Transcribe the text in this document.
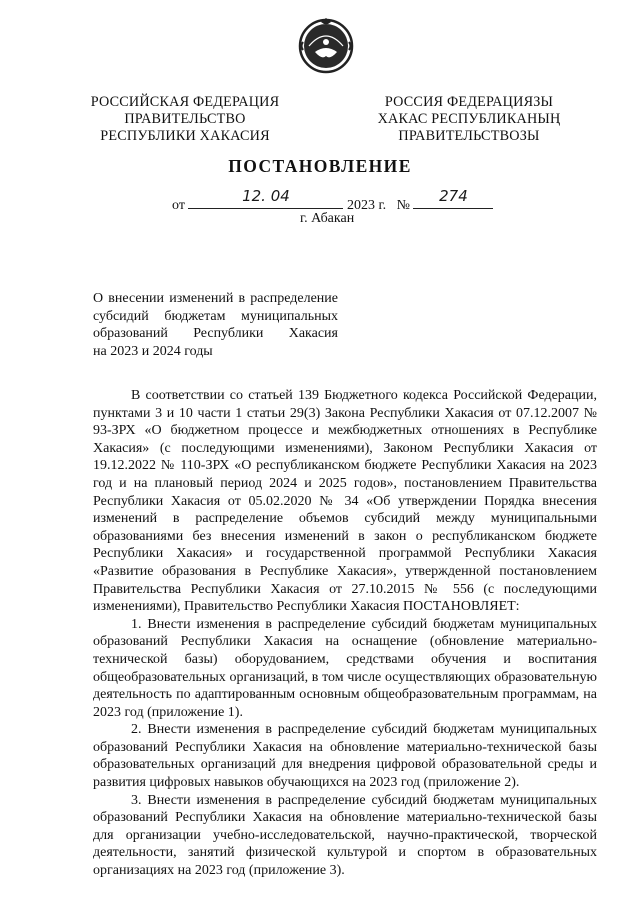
РОССИЙСКАЯ ФЕДЕРАЦИЯ
ПРАВИТЕЛЬСТВО
РЕСПУБЛИКИ ХАКАСИЯ
РОССИЯ ФЕДЕРАЦИЯЗЫ
ХАКАС РЕСПУБЛИКАНЫҢ
ПРАВИТЕЛЬСТВОЗЫ
ПОСТАНОВЛЕНИЕ
от
12. 04
2023 г. №
274
г. Абакан
О внесении изменений в распределение
субсидий бюджетам муниципальных
образований Республики Хакасия
на 2023 и 2024 годы

В соответствии со статьей 139 Бюджетного кодекса Российской Федерации, пунктами 3 и 10 части 1 статьи 29(3) Закона Республики Хакасия от 07.12.2007 № 93-ЗРХ «О бюджетном процессе и межбюджетных отношениях в Республике Хакасия» (с последующими изменениями), Законом Республики Хакасия от 19.12.2022 № 110-ЗРХ «О республиканском бюджете Республики Хакасия на 2023 год и на плановый период 2024 и 2025 годов», постановлением Правительства Республики Хакасия от 05.02.2020 № 34 «Об утверждении Порядка внесения изменений в распределение объемов субсидий между муниципальными образованиями без внесения изменений в закон о республиканском бюджете Республики Хакасия» и государственной программой Республики Хакасия «Развитие образования в Республике Хакасия», утвержденной постановлением Правительства Республики Хакасия от 27.10.2015 № 556 (с последующими изменениями), Правительство Республики Хакасия ПОСТАНОВЛЯЕТ:

1. Внести изменения в распределение субсидий бюджетам муниципальных образований Республики Хакасия на оснащение (обновление материально-технической базы) оборудованием, средствами обучения и воспитания общеобразовательных организаций, в том числе осуществляющих образовательную деятельность по адаптированным основным общеобразовательным программам, на 2023 год (приложение 1).

2. Внести изменения в распределение субсидий бюджетам муниципальных образований Республики Хакасия на обновление материально-технической базы образовательных организаций для внедрения цифровой образовательной среды и развития цифровых навыков обучающихся на 2023 год (приложение 2).

3. Внести изменения в распределение субсидий бюджетам муниципальных образований Республики Хакасия на обновление материально-технической базы для организации учебно-исследовательской, научно-практической, творческой деятельности, занятий физической культурой и спортом в образовательных организациях на 2023 год (приложение 3).
